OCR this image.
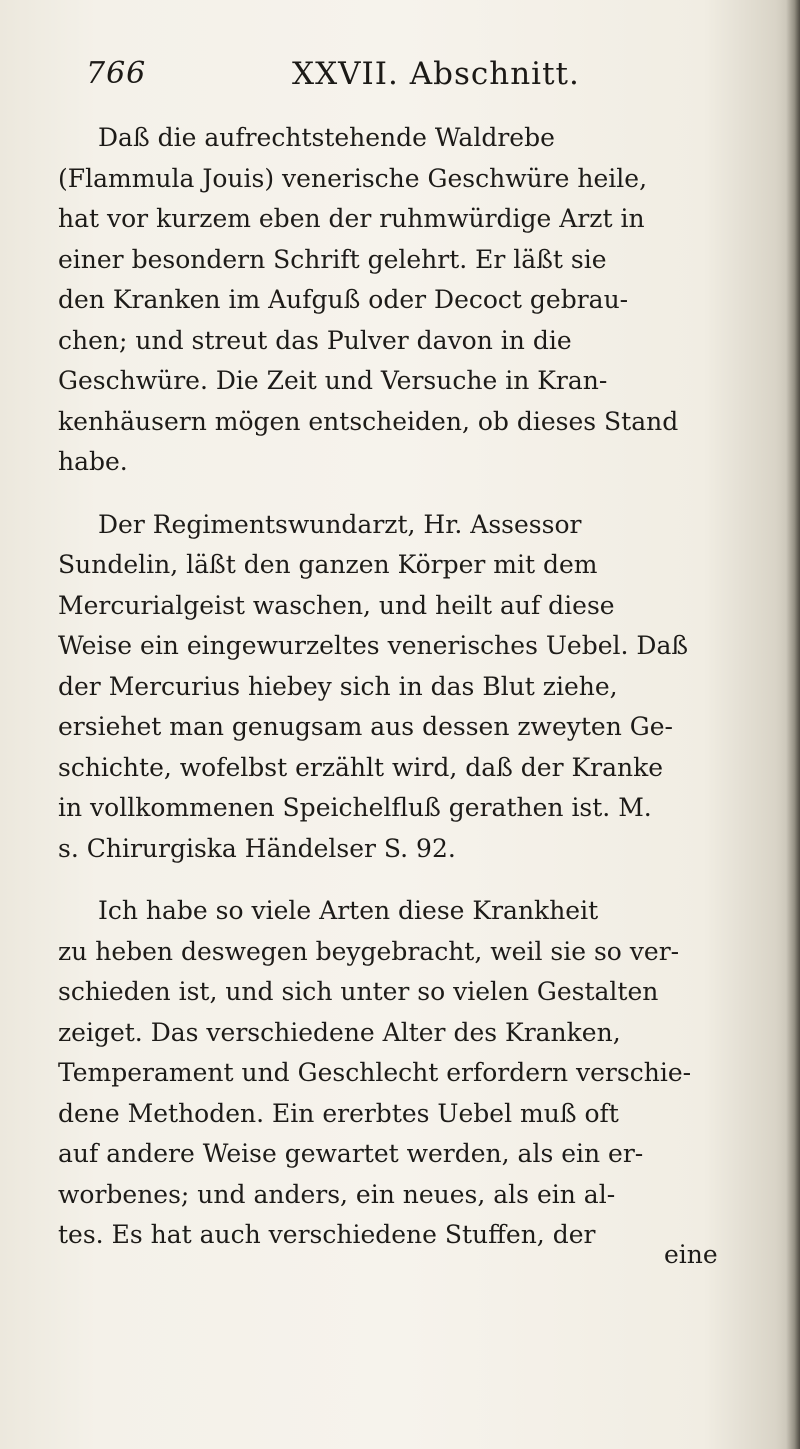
766	XXVII. Abschnitt.

Daß die aufrechtstehende Waldrebe
(Flammula Jouis) venerische Geschwüre heile,
hat vor kurzem eben der ruhmwürdige Arzt in
einer besondern Schrift gelehrt. Er läßt sie
den Kranken im Aufguß oder Decoct gebrau-
chen; und streut das Pulver davon in die
Geschwüre. Die Zeit und Versuche in Kran-
kenhäusern mögen entscheiden, ob dieses Stand
habe.

Der Regimentswundarzt, Hr. Assessor
Sundelin, läßt den ganzen Körper mit dem
Mercurialgeist waschen, und heilt auf diese
Weise ein eingewurzeltes venerisches Uebel. Daß
der Mercurius hiebey sich in das Blut ziehe,
ersiehet man genugsam aus dessen zweyten Ge-
schichte, wofelbst erzählt wird, daß der Kranke
in vollkommenen Speichelfluß gerathen ist. M.
s. Chirurgiska Händelser S. 92.

Ich habe so viele Arten diese Krankheit
zu heben deswegen beygebracht, weil sie so ver-
schieden ist, und sich unter so vielen Gestalten
zeiget. Das verschiedene Alter des Kranken,
Temperament und Geschlecht erfordern verschie-
dene Methoden. Ein ererbtes Uebel muß oft
auf andere Weise gewartet werden, als ein er-
worbenes; und anders, ein neues, als ein al-
tes. Es hat auch verschiedene Stuffen, der

eine
